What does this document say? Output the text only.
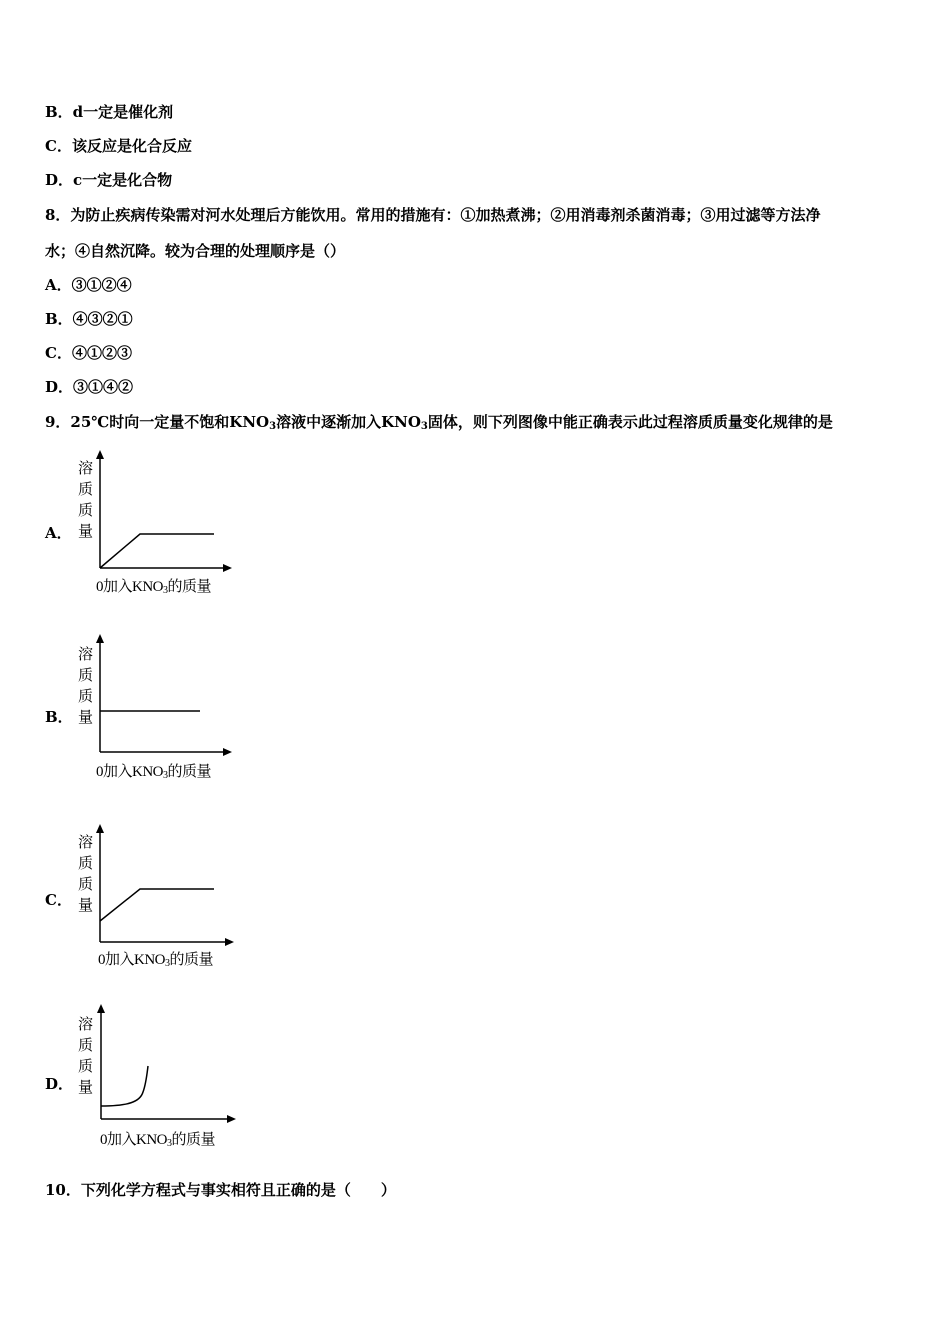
B．d一定是催化剂
C．该反应是化合反应
D．c一定是化合物
8．为防止疾病传染需对河水处理后方能饮用。常用的措施有：①加热煮沸；②用消毒剂杀菌消毒；③用过滤等方法净
水；④自然沉降。较为合理的处理顺序是（）
A．③①②④
B．④③②①
C．④①②③
D．③①④②
9．25℃时向一定量不饱和$KNO_3$溶液中逐渐加入$KNO_3$固体，则下列图像中能正确表示此过程溶质质量变化规律的是
A．
溶
质
质
量
0加入$KNO_3$的质量
B．
溶
质
质
量
0加入$KNO_3$的质量
C．
溶
质
质
量
0加入$KNO_3$的质量
D．
溶
质
质
量
0加入$KNO_3$的质量
10．下列化学方程式与事实相符且正确的是（　　）
